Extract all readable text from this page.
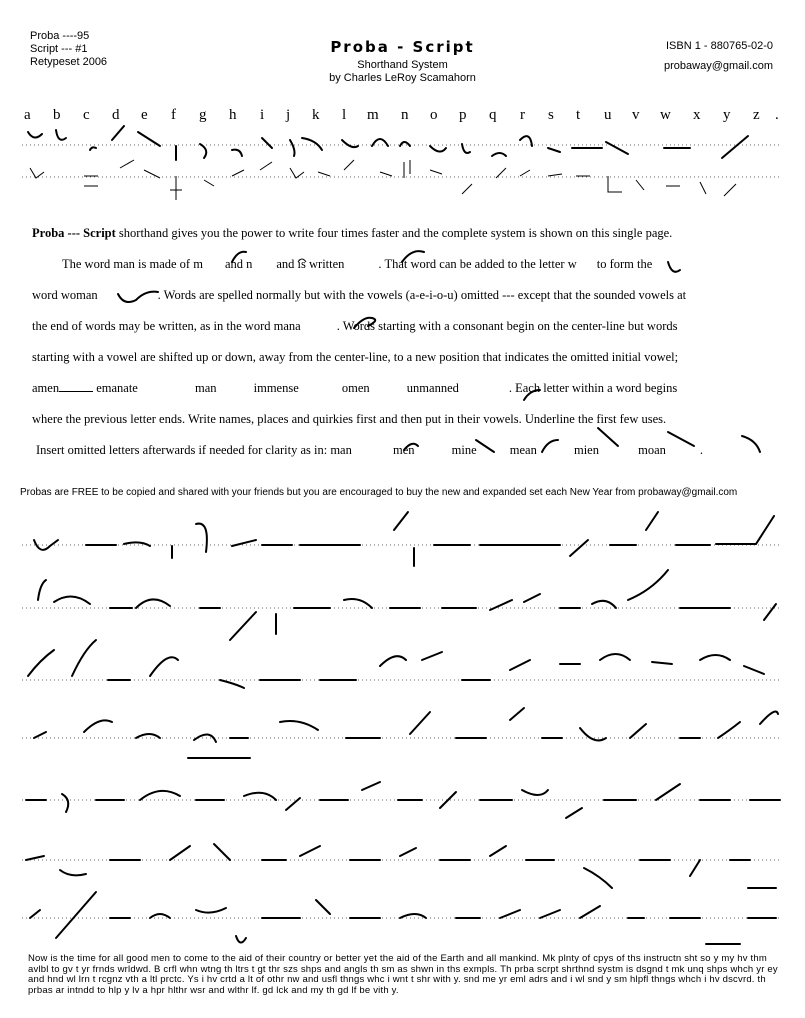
Proba ----95
Script --- #1
Retypeset 2006
Proba - Script
Shorthand System
by Charles LeRoy Scamahorn
ISBN 1 - 880765-02-0
probaway@gmail.com
a b c d e f g h i j k l m n o p q r s t u v w x y z .

Proba --- Script shorthand gives you the power to write four times faster and the complete system is shown on this single page.

The word man is made of m and n and is written	. That word can be added to the letter w to form the

word woman	. Words are spelled normally but with the vowels (a-e-i-o-u) omitted --- except that the sounded vowels at

the end of words may be written, as in the word mana	. Words starting with a consonant begin on the center-line but words

starting with a vowel are shifted up or down, away from the center-line, to a new position that indicates the omitted initial vowel;

amen	emanate	man	immense	omen	unmanned	. Each letter within a word begins

where the previous letter ends. Write names, places and quirkies first and then put in their vowels. Underline the first few uses.

Insert omitted letters afterwards if needed for clarity as in: man	men	mine	mean	mien	moan	.

Probas are FREE to be copied and shared with your friends but you are encouraged to buy the new and expanded set each New Year from probaway@gmail.com
Now is the time for all good men to come to the aid of their country or better yet the aid of the Earth and all mankind. Mk plnty of cpys of ths instructn sht so y my hv thm avlbl to gv t yr frnds wrldwd. B crfl whn wtng th ltrs t gt thr szs shps and angls th sm as shwn in ths exmpls. Th prba scrpt shrthnd systm is dsgnd t mk unq shps whch yr ey and hnd wl lrn t rcgnz vth a ltl prctc. Ys i hv crtd a lt of othr nw and usfl thngs whc i wnt t shr with y. snd me yr eml adrs and i wl snd y sm hlpfl thngs whch i hv dscvrd. th prbas ar intndd to hlp y lv a hpr hlthr wsr and wlthr lf. gd lck and my th gd lf be vith y.
